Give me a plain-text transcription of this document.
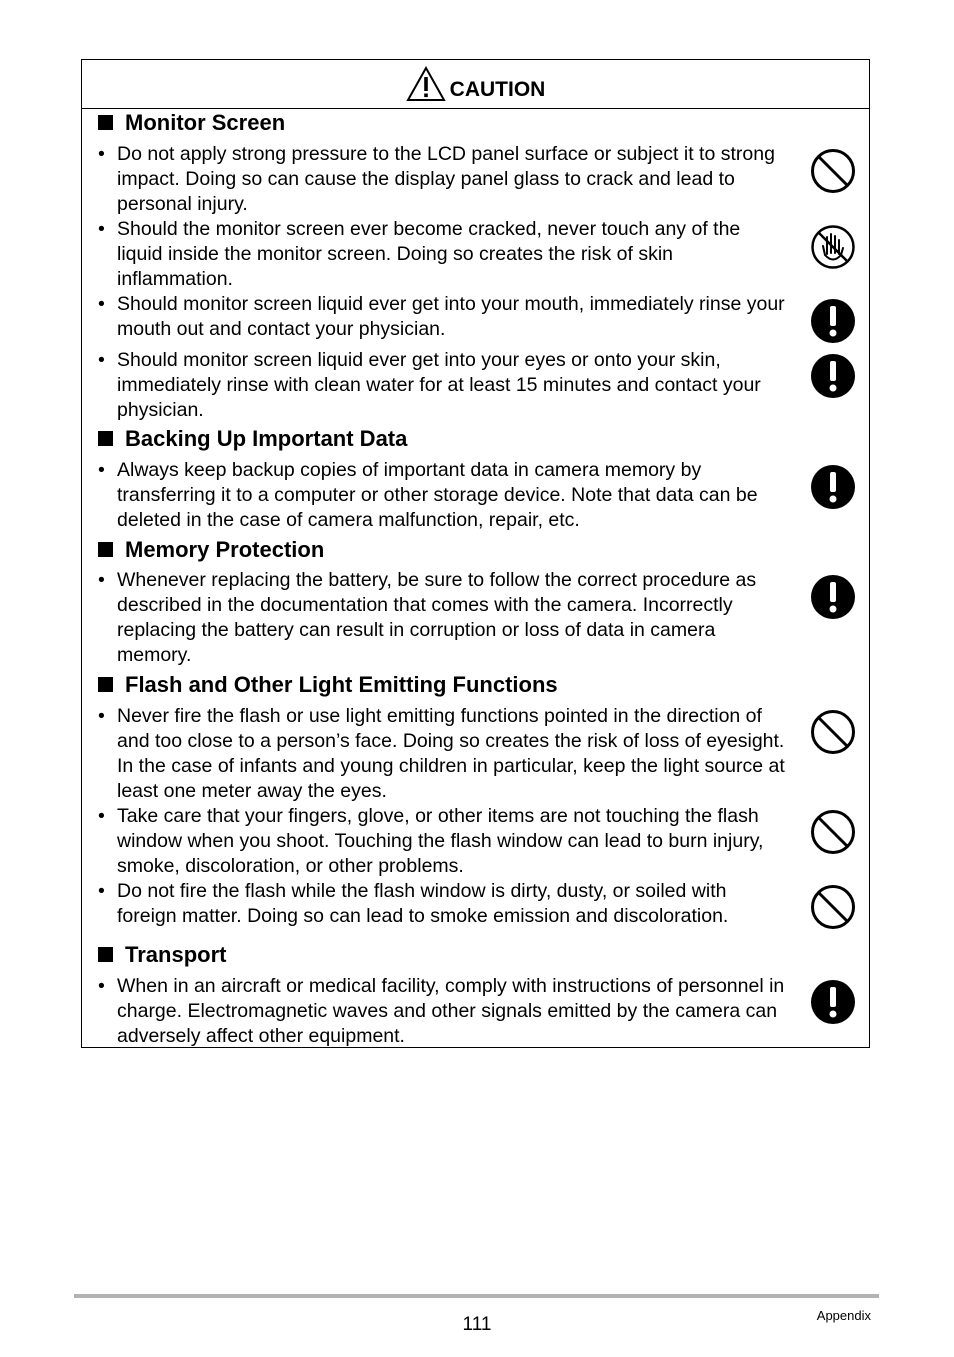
CAUTION
Monitor Screen
• Do not apply strong pressure to the LCD panel surface or subject it to strong impact. Doing so can cause the display panel glass to crack and lead to personal injury.
• Should the monitor screen ever become cracked, never touch any of the liquid inside the monitor screen. Doing so creates the risk of skin inflammation.
• Should monitor screen liquid ever get into your mouth, immediately rinse your mouth out and contact your physician.
• Should monitor screen liquid ever get into your eyes or onto your skin, immediately rinse with clean water for at least 15 minutes and contact your physician.
Backing Up Important Data
• Always keep backup copies of important data in camera memory by transferring it to a computer or other storage device. Note that data can be deleted in the case of camera malfunction, repair, etc.
Memory Protection
• Whenever replacing the battery, be sure to follow the correct procedure as described in the documentation that comes with the camera. Incorrectly replacing the battery can result in corruption or loss of data in camera memory.
Flash and Other Light Emitting Functions
• Never fire the flash or use light emitting functions pointed in the direction of and too close to a person’s face. Doing so creates the risk of loss of eyesight. In the case of infants and young children in particular, keep the light source at least one meter away the eyes.
• Take care that your fingers, glove, or other items are not touching the flash window when you shoot. Touching the flash window can lead to burn injury, smoke, discoloration, or other problems.
• Do not fire the flash while the flash window is dirty, dusty, or soiled with foreign matter. Doing so can lead to smoke emission and discoloration.
Transport
• When in an aircraft or medical facility, comply with instructions of personnel in charge. Electromagnetic waves and other signals emitted by the camera can adversely affect other equipment.
111	Appendix
